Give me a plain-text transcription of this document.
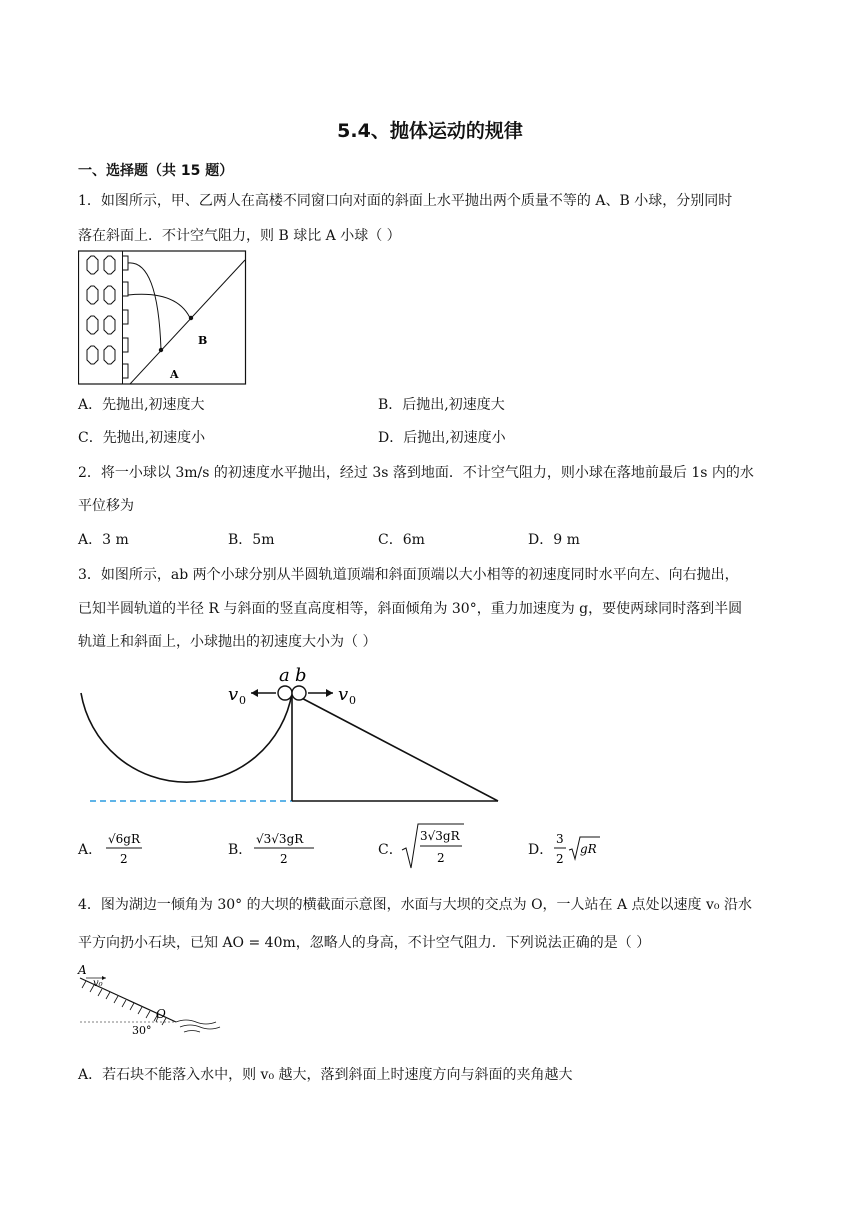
5.4、抛体运动的规律
一、选择题（共 15 题）
1．如图所示，甲、乙两人在高楼不同窗口向对面的斜面上水平抛出两个质量不等的 A、B 小球，分别同时
落在斜面上．不计空气阻力，则 B 球比 A 小球（ ）
B
A
A．先抛出,初速度大	B．后抛出,初速度大
C．先抛出,初速度小	D．后抛出,初速度小
2．将一小球以 3m/s 的初速度水平抛出，经过 3s 落到地面．不计空气阻力，则小球在落地前最后 1s 内的水
平位移为
A．3 m	B．5m	C．6m	D．9 m
3．如图所示，ab 两个小球分别从半圆轨道顶端和斜面顶端以大小相等的初速度同时水平向左、向右抛出，
已知半圆轨道的半径 R 与斜面的竖直高度相等，斜面倾角为 30°，重力加速度为 g，要使两球同时落到半圆
轨道上和斜面上，小球抛出的初速度大小为（ ）
a b
v 0	v 0
A．
√6gR
2
B．
√3√3gR
2
C．
3√3gR
2	D．
3
2
gR
4．图为湖边一倾角为 30° 的大坝的横截面示意图，水面与大坝的交点为 O，一人站在 A 点处以速度 v₀ 沿水
平方向扔小石块，已知 AO = 40m，忽略人的身高，不计空气阻力．下列说法正确的是（ ）
A
v₀
O
30°
A．若石块不能落入水中，则 v₀ 越大，落到斜面上时速度方向与斜面的夹角越大
